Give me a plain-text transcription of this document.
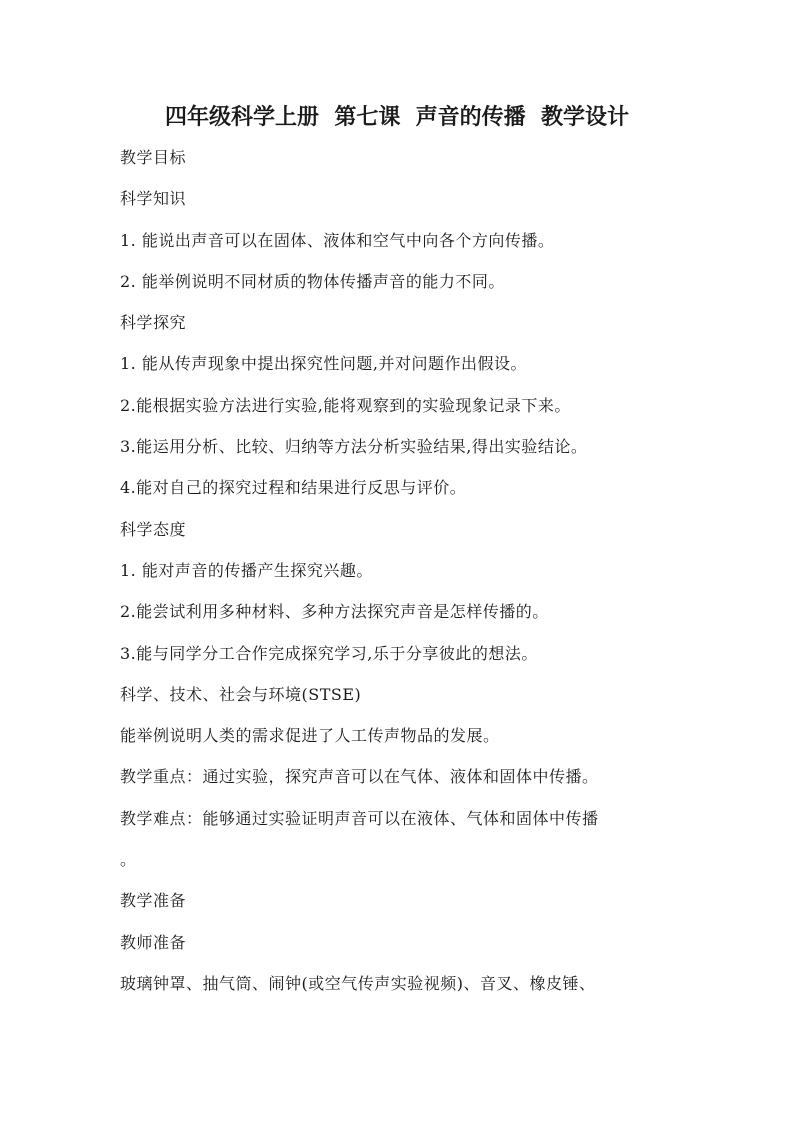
四年级科学上册  第七课  声音的传播  教学设计
教学目标
科学知识
1. 能说出声音可以在固体、液体和空气中向各个方向传播。
2. 能举例说明不同材质的物体传播声音的能力不同。
科学探究
1. 能从传声现象中提出探究性问题,并对问题作出假设。
2.能根据实验方法进行实验,能将观察到的实验现象记录下来。
3.能运用分析、比较、归纳等方法分析实验结果,得出实验结论。
4.能对自己的探究过程和结果进行反思与评价。
科学态度
1. 能对声音的传播产生探究兴趣。
2.能尝试利用多种材料、多种方法探究声音是怎样传播的。
3.能与同学分工合作完成探究学习,乐于分享彼此的想法。
科学、技术、社会与环境(STSE)
能举例说明人类的需求促进了人工传声物品的发展。
教学重点：通过实验，探究声音可以在气体、液体和固体中传播。
教学难点：能够通过实验证明声音可以在液体、气体和固体中传播
。
教学准备
教师准备
玻璃钟罩、抽气筒、闹钟(或空气传声实验视频)、音叉、橡皮锤、
